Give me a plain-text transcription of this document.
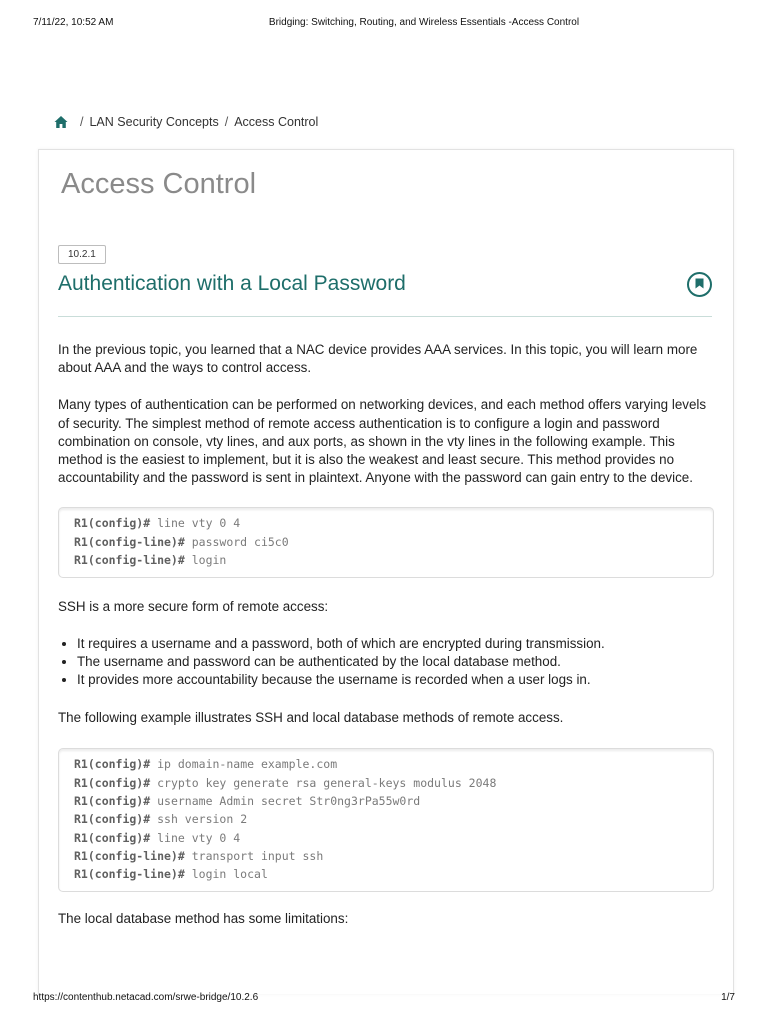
7/11/22, 10:52 AM	Bridging: Switching, Routing, and Wireless Essentials -Access Control
/ LAN Security Concepts / Access Control
Access Control
10.2.1
Authentication with a Local Password

In the previous topic, you learned that a NAC device provides AAA services. In this topic, you will learn more about AAA and the ways to control access.

Many types of authentication can be performed on networking devices, and each method offers varying levels of security. The simplest method of remote access authentication is to configure a login and password combination on console, vty lines, and aux ports, as shown in the vty lines in the following example. This method is the easiest to implement, but it is also the weakest and least secure. This method provides no accountability and the password is sent in plaintext. Anyone with the password can gain entry to the device.

R1(config)# line vty 0 4
R1(config-line)# password ci5c0
R1(config-line)# login

SSH is a more secure form of remote access:

• It requires a username and a password, both of which are encrypted during transmission.
• The username and password can be authenticated by the local database method.
• It provides more accountability because the username is recorded when a user logs in.

The following example illustrates SSH and local database methods of remote access.

R1(config)# ip domain-name example.com
R1(config)# crypto key generate rsa general-keys modulus 2048
R1(config)# username Admin secret Str0ng3rPa55w0rd
R1(config)# ssh version 2
R1(config)# line vty 0 4
R1(config-line)# transport input ssh
R1(config-line)# login local

The local database method has some limitations:

https://contenthub.netacad.com/srwe-bridge/10.2.6	1/7
